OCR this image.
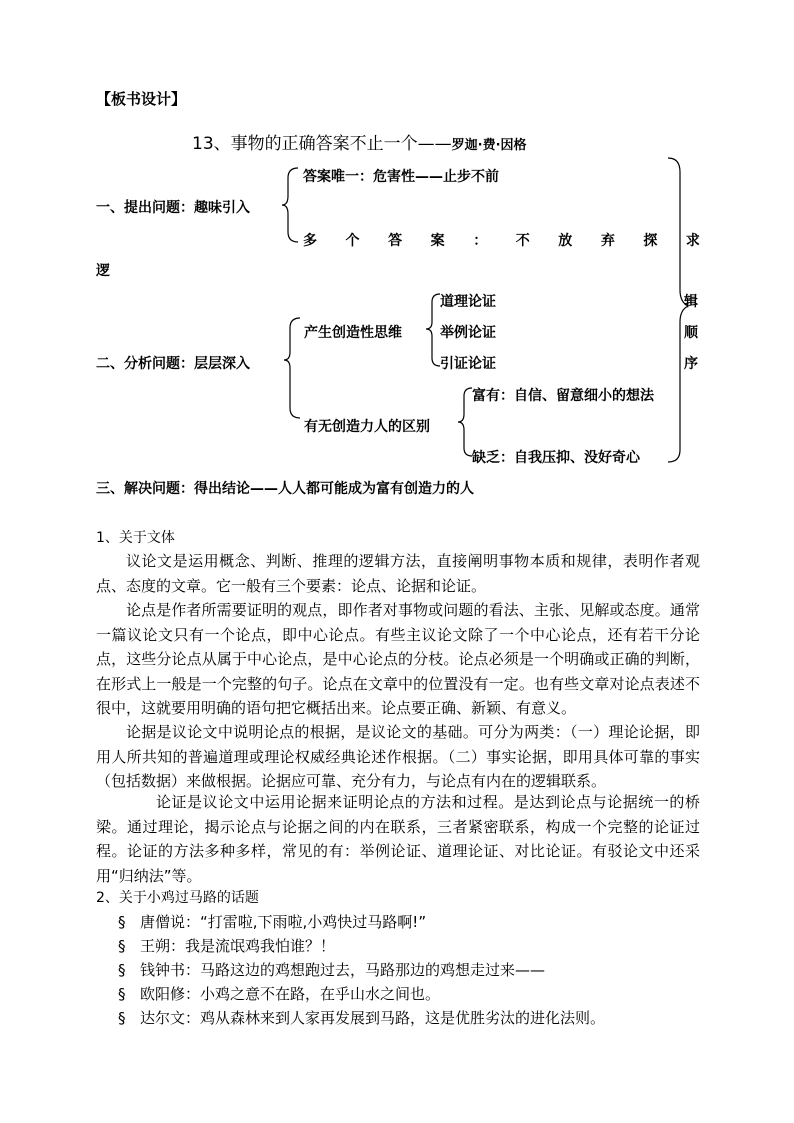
【板书设计】
13、事物的正确答案不止一个——罗迦·费·因格
一、提出问题：趣味引入
答案唯一：危害性——止步不前
多 个 答 案 ： 不 放 弃 探 求
逻
二、分析问题：层层深入
产生创造性思维
道理论证
举例论证
引证论证
有无创造力人的区别
富有：自信、留意细小的想法
缺乏：自我压抑、没好奇心
辑
顺
序
三、解决问题：得出结论——人人都可能成为富有创造力的人
1、关于文体
议论文是运用概念、判断、推理的逻辑方法，直接阐明事物本质和规律，表明作者观点、态度的文章。它一般有三个要素：论点、论据和论证。
论点是作者所需要证明的观点，即作者对事物或问题的看法、主张、见解或态度。通常一篇议论文只有一个论点，即中心论点。有些主议论文除了一个中心论点，还有若干分论点，这些分论点从属于中心论点，是中心论点的分枝。论点必须是一个明确或正确的判断，在形式上一般是一个完整的句子。论点在文章中的位置没有一定。也有些文章对论点表述不很中，这就要用明确的语句把它概括出来。论点要正确、新颖、有意义。
论据是议论文中说明论点的根据，是议论文的基础。可分为两类：（一）理论论据，即用人所共知的普遍道理或理论权威经典论述作根据。（二）事实论据，即用具体可靠的事实（包括数据）来做根据。论据应可靠、充分有力，与论点有内在的逻辑联系。
论证是议论文中运用论据来证明论点的方法和过程。是达到论点与论据统一的桥梁。通过理论，揭示论点与论据之间的内在联系，三者紧密联系，构成一个完整的论证过程。论证的方法多种多样，常见的有：举例论证、道理论证、对比论证。有驳论文中还采用“归纳法”等。
2、关于小鸡过马路的话题
§ 唐僧说：“打雷啦,下雨啦,小鸡快过马路啊!”
§ 王朔：我是流氓鸡我怕谁？！
§ 钱钟书：马路这边的鸡想跑过去，马路那边的鸡想走过来——
§ 欧阳修：小鸡之意不在路，在乎山水之间也。
§ 达尔文：鸡从森林来到人家再发展到马路，这是优胜劣汰的进化法则。
